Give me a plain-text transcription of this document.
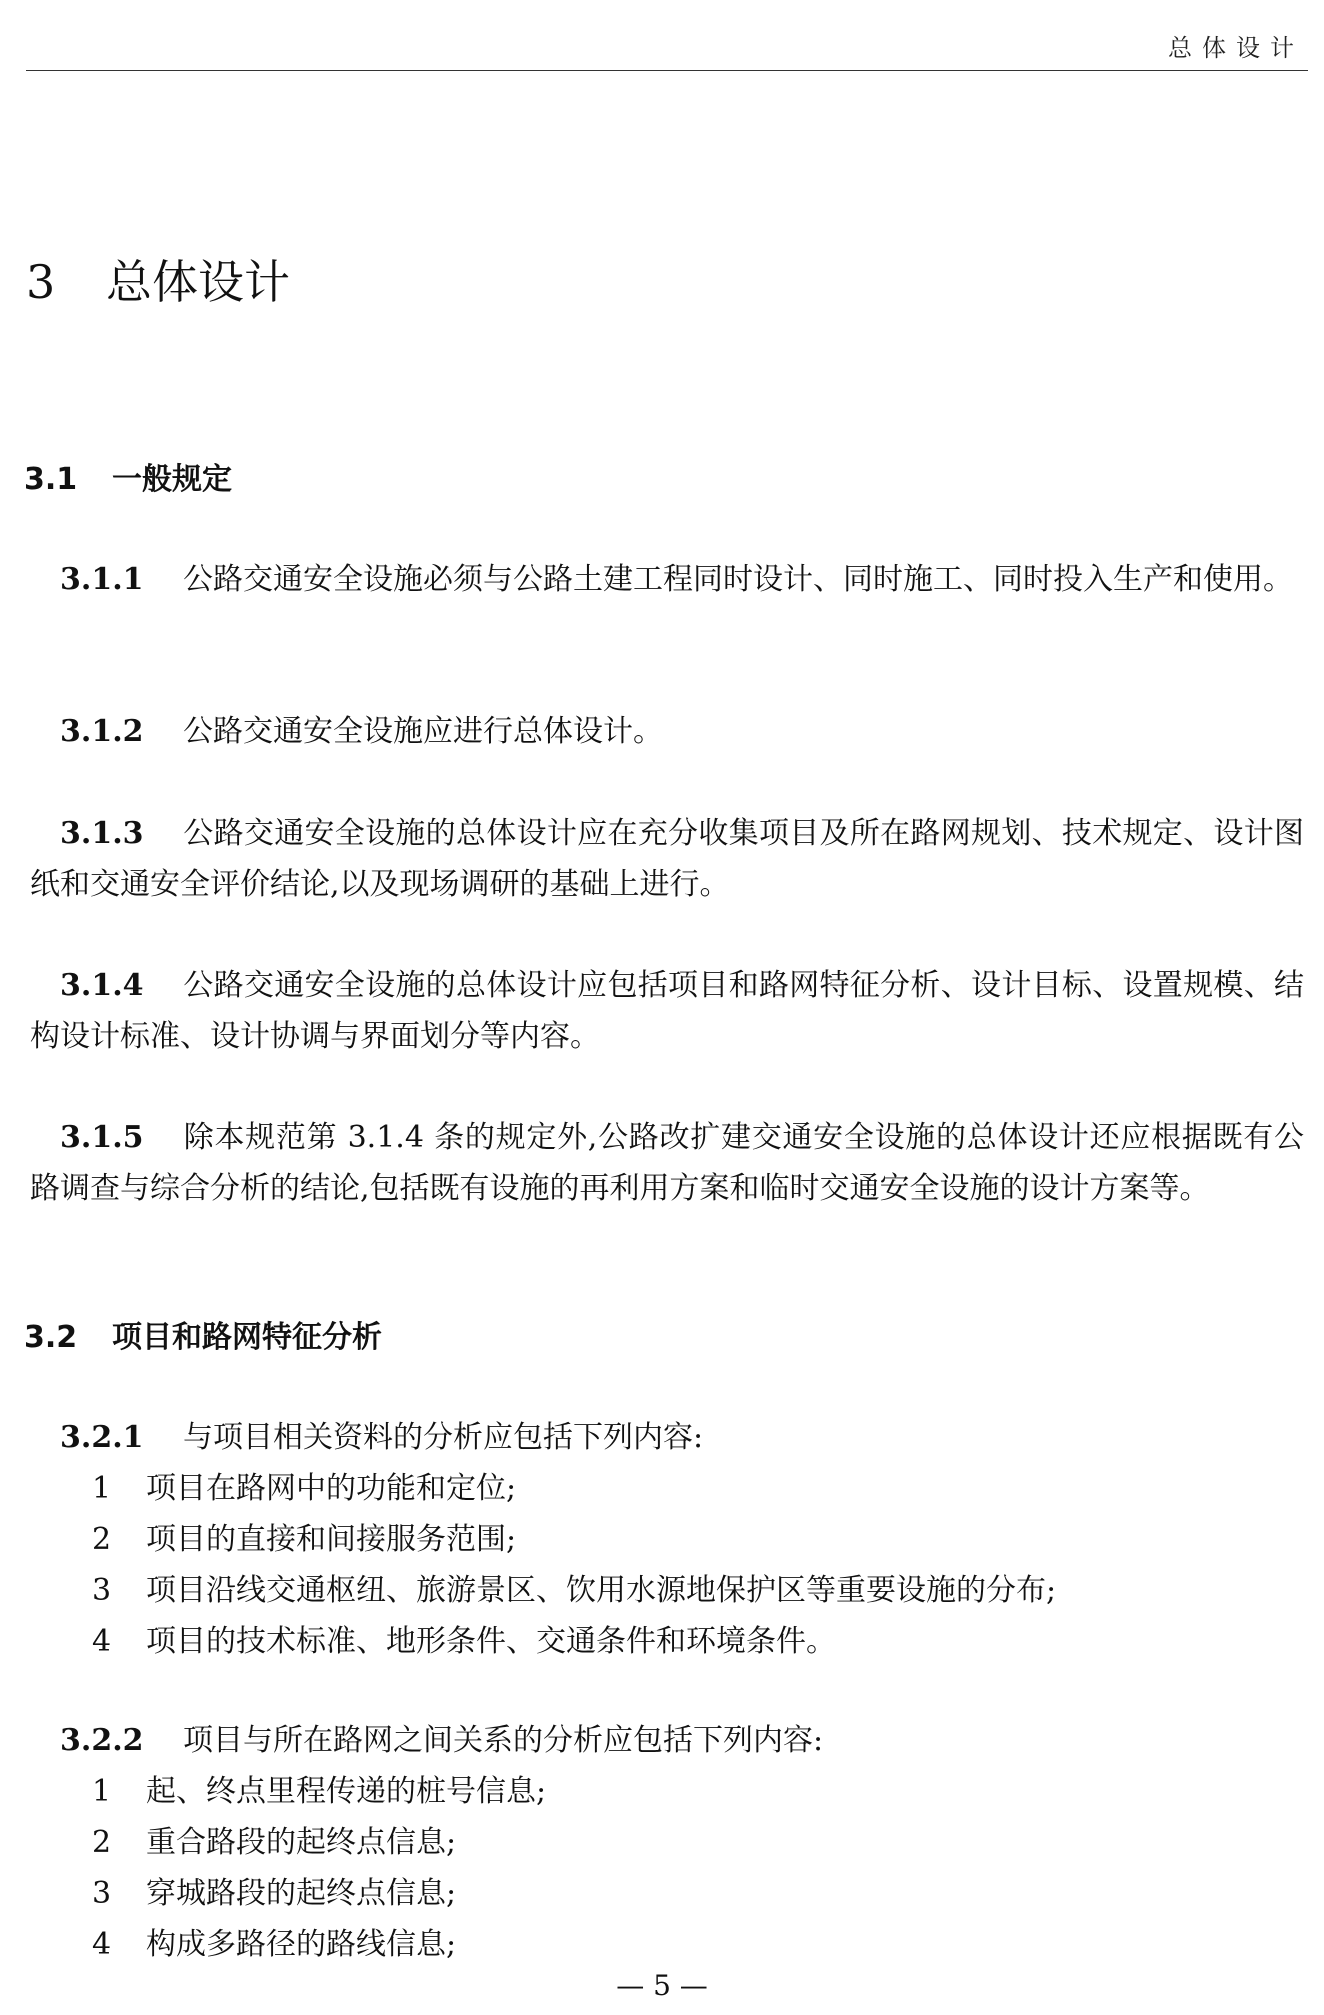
总体设计
3 总体设计
3.1 一般规定

3.1.1 公路交通安全设施必须与公路土建工程同时设计、同时施工、同时投入生产和使用。

3.1.2 公路交通安全设施应进行总体设计。

3.1.3 公路交通安全设施的总体设计应在充分收集项目及所在路网规划、技术规定、设计图纸和交通安全评价结论,以及现场调研的基础上进行。

3.1.4 公路交通安全设施的总体设计应包括项目和路网特征分析、设计目标、设置规模、结构设计标准、设计协调与界面划分等内容。

3.1.5 除本规范第 3.1.4 条的规定外,公路改扩建交通安全设施的总体设计还应根据既有公路调查与综合分析的结论,包括既有设施的再利用方案和临时交通安全设施的设计方案等。

3.2 项目和路网特征分析

3.2.1 与项目相关资料的分析应包括下列内容:

1 项目在路网中的功能和定位;
2 项目的直接和间接服务范围;
3 项目沿线交通枢纽、旅游景区、饮用水源地保护区等重要设施的分布;
4 项目的技术标准、地形条件、交通条件和环境条件。

3.2.2 项目与所在路网之间关系的分析应包括下列内容:

1 起、终点里程传递的桩号信息;
2 重合路段的起终点信息;
3 穿城路段的起终点信息;
4 构成多路径的路线信息;
— 5 —
